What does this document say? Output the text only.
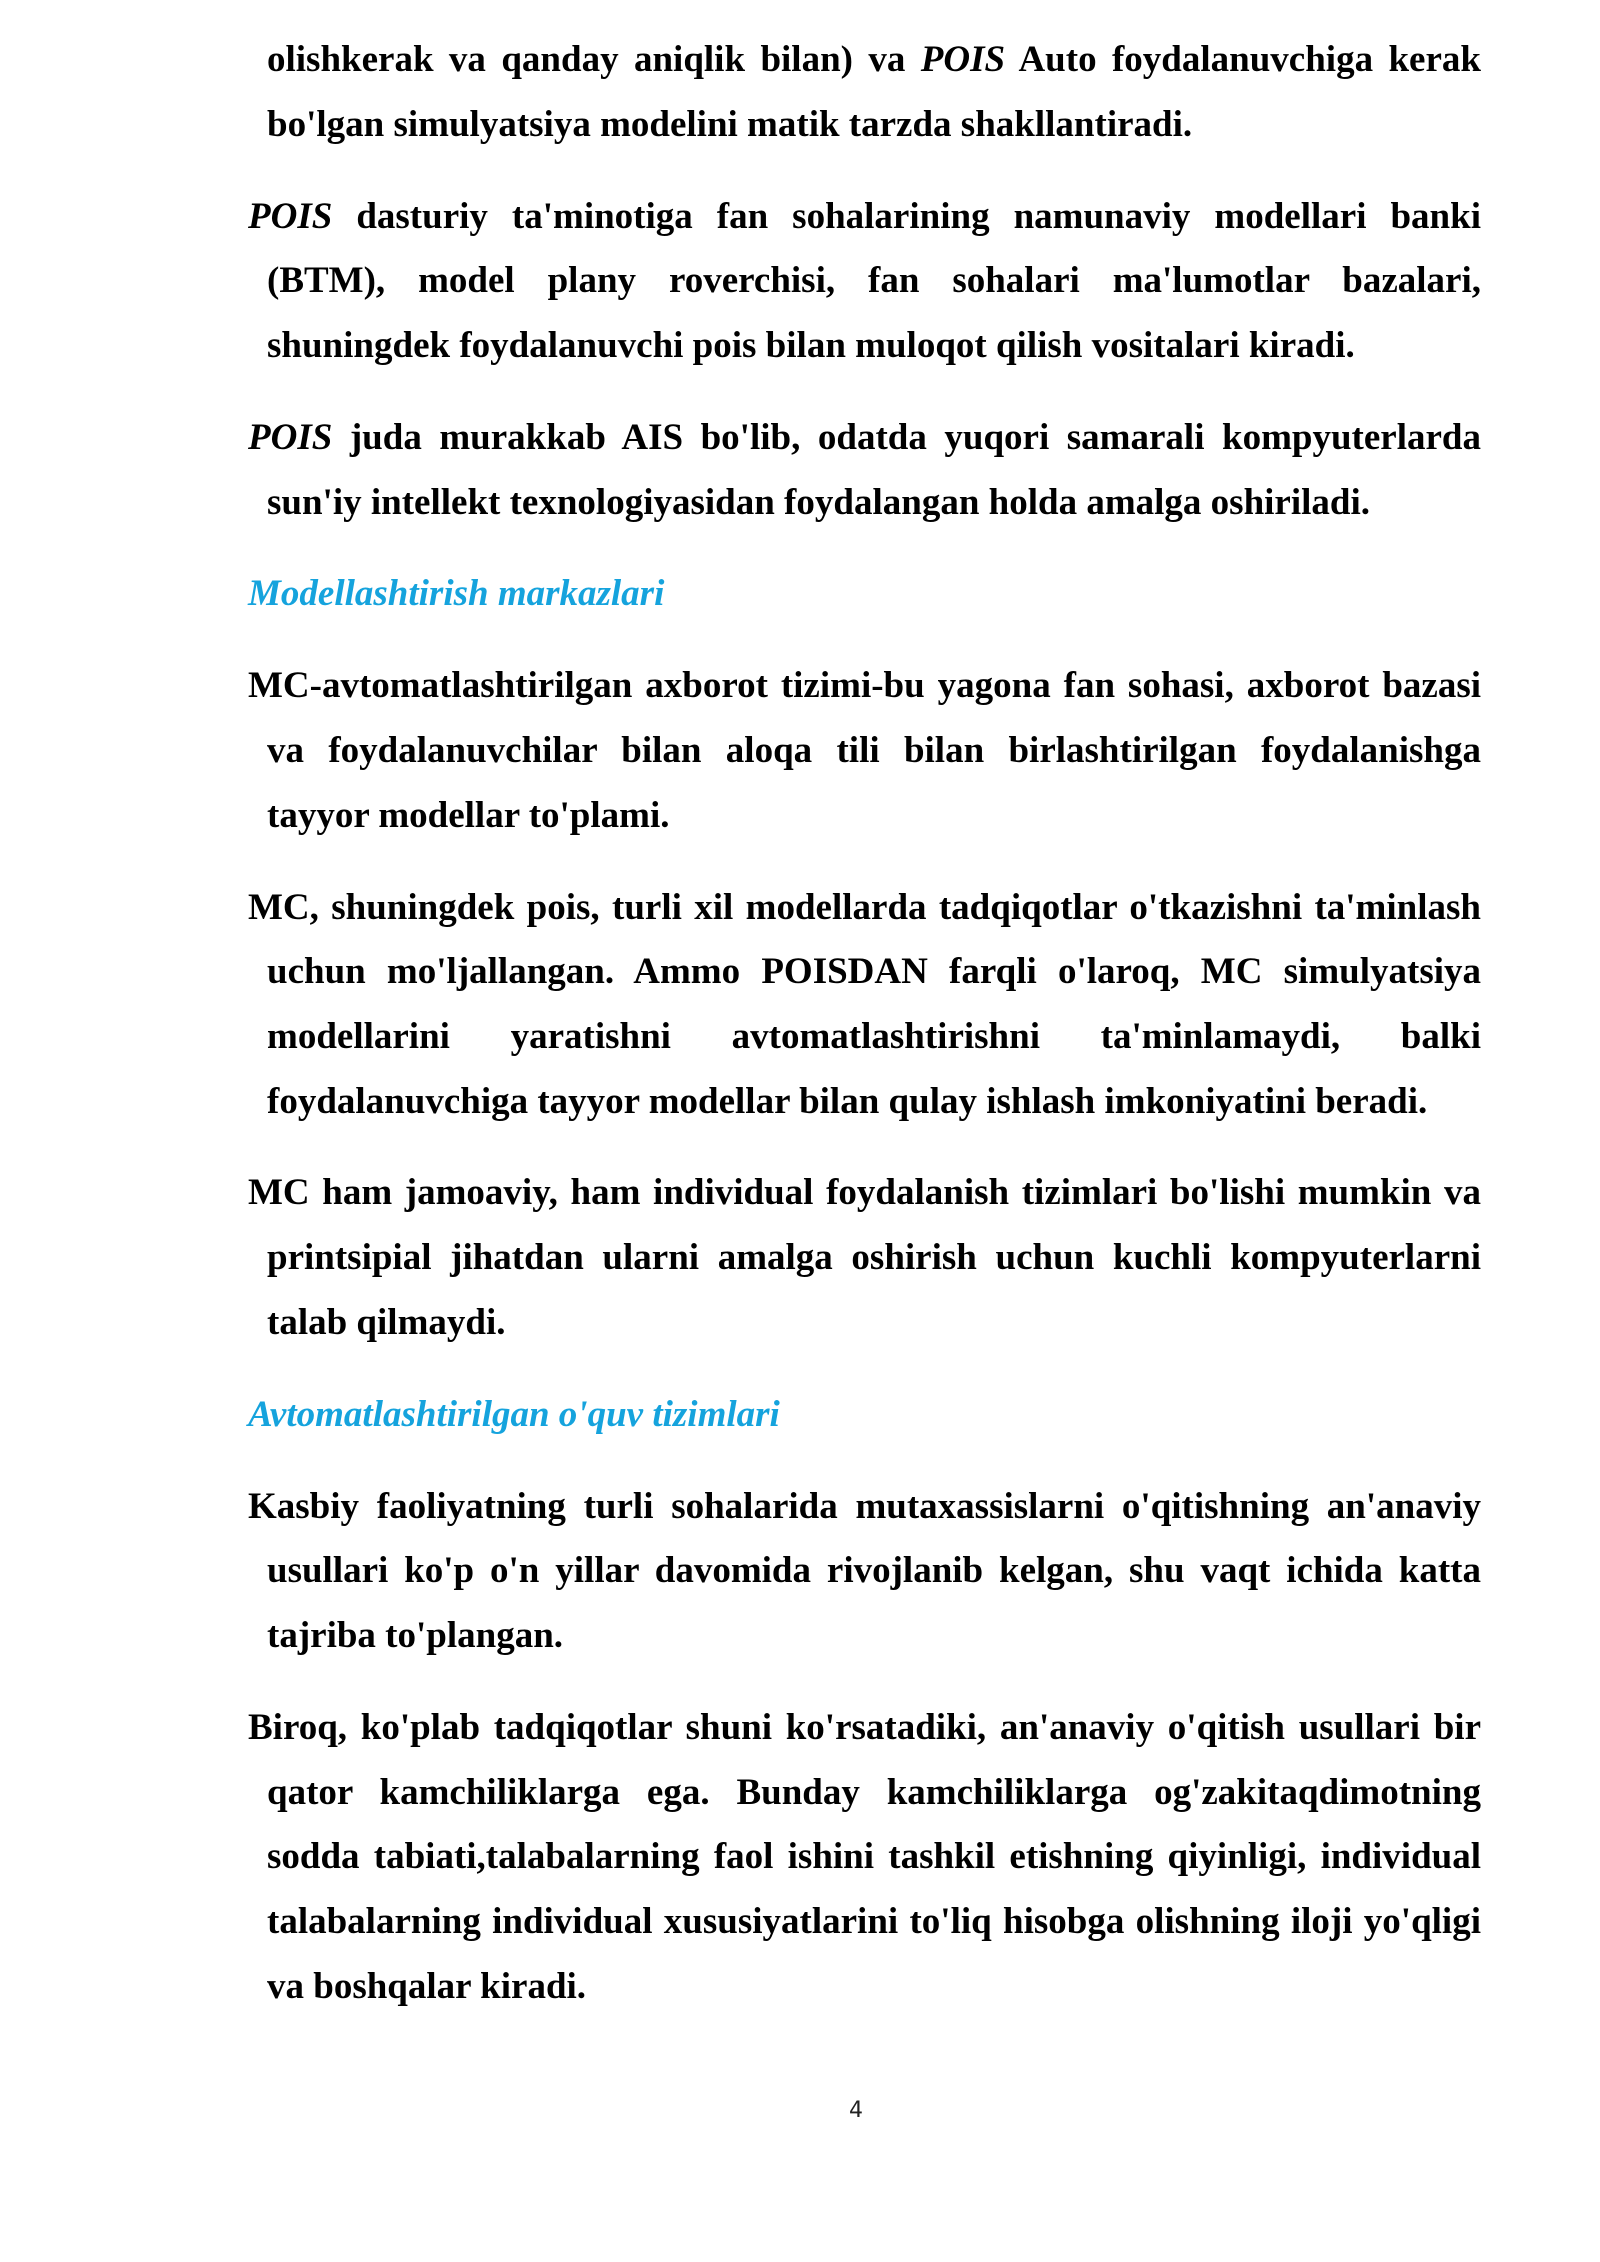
olishkerak va qanday aniqlik bilan) va POIS Auto foydalanuvchiga kerak
bo'lgan simulyatsiya modelini matik tarzda shakllantiradi.
POIS dasturiy ta'minotiga fan sohalarining namunaviy modellari banki
(BTM), model plany roverchisi, fan sohalari ma'lumotlar bazalari,
shuningdek foydalanuvchi pois bilan muloqot qilish vositalari kiradi.
POIS juda murakkab AIS bo'lib, odatda yuqori samarali kompyuterlarda
sun'iy intellekt texnologiyasidan foydalangan holda amalga oshiriladi.
Modellashtirish markazlari
MC-avtomatlashtirilgan axborot tizimi-bu yagona fan sohasi, axborot bazasi
va foydalanuvchilar bilan aloqa tili bilan birlashtirilgan foydalanishga
tayyor modellar to'plami.
MC, shuningdek pois, turli xil modellarda tadqiqotlar o'tkazishni ta'minlash
uchun mo'ljallangan. Ammo POISDAN farqli o'laroq, MC simulyatsiya
modellarini yaratishni avtomatlashtirishni ta'minlamaydi, balki
foydalanuvchiga tayyor modellar bilan qulay ishlash imkoniyatini beradi.
MC ham jamoaviy, ham individual foydalanish tizimlari bo'lishi mumkin va
printsipial jihatdan ularni amalga oshirish uchun kuchli kompyuterlarni
talab qilmaydi.
Avtomatlashtirilgan o'quv tizimlari
Kasbiy faoliyatning turli sohalarida mutaxassislarni o'qitishning an'anaviy
usullari ko'p o'n yillar davomida rivojlanib kelgan, shu vaqt ichida katta
tajriba to'plangan.
Biroq, ko'plab tadqiqotlar shuni ko'rsatadiki, an'anaviy o'qitish usullari bir
qator kamchiliklarga ega. Bunday kamchiliklarga og'zakitaqdimotning
sodda tabiati,talabalarning faol ishini tashkil etishning qiyinligi, individual
talabalarning individual xususiyatlarini to'liq hisobga olishning iloji yo'qligi
va boshqalar kiradi.
4
